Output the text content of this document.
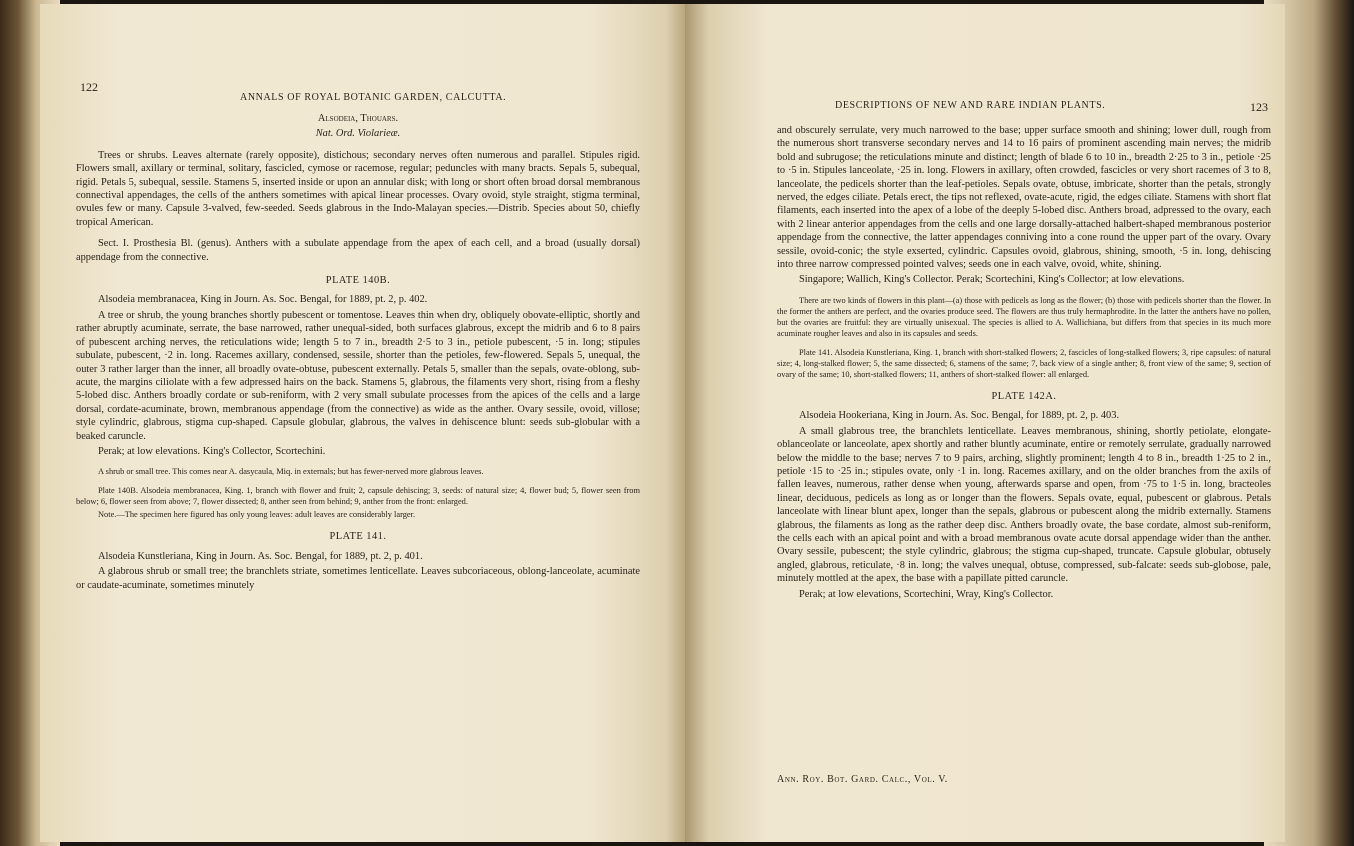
122
ANNALS OF ROYAL BOTANIC GARDEN, CALCUTTA.

Alsodeia, Thouars.

Nat. Ord. Violarieæ.

Trees or shrubs. Leaves alternate (rarely opposite), distichous; secondary nerves often numerous and parallel. Stipules rigid. Flowers small, axillary or terminal, solitary, fascicled, cymose or racemose, regular; peduncles with many bracts. Sepals 5, subequal, rigid. Petals 5, subequal, sessile. Stamens 5, inserted inside or upon an annular disk; with long or short often broad dorsal membranous connectival appendages, the cells of the anthers sometimes with apical linear processes. Ovary ovoid, style straight, stigma terminal, ovules few or many. Capsule 3-valved, few-seeded. Seeds glabrous in the Indo-Malayan species.—Distrib. Species about 50, chiefly tropical American.

Sect. I. Prosthesia Bl. (genus). Anthers with a subulate appendage from the apex of each cell, and a broad (usually dorsal) appendage from the connective.

PLATE 140B.

Alsodeia membranacea, King in Journ. As. Soc. Bengal, for 1889, pt. 2, p. 402.

A tree or shrub, the young branches shortly pubescent or tomentose. Leaves thin when dry, obliquely obovate-elliptic, shortly and rather abruptly acuminate, serrate, the base narrowed, rather unequal-sided, both surfaces glabrous, except the midrib and 6 to 8 pairs of pubescent arching nerves, the reticulations wide; length 5 to 7 in., breadth 2·5 to 3 in., petiole pubescent, ·5 in. long; stipules subulate, pubescent, ·2 in. long. Racemes axillary, condensed, sessile, shorter than the petioles, few-flowered. Sepals 5, unequal, the outer 3 rather larger than the inner, all broadly ovate-obtuse, pubescent externally. Petals 5, smaller than the sepals, ovate-oblong, sub-acute, the margins ciliolate with a few adpressed hairs on the back. Stamens 5, glabrous, the filaments very short, rising from a fleshy 5-lobed disc. Anthers broadly cordate or sub-reniform, with 2 very small subulate processes from the apices of the cells and a large dorsal, cordate-acuminate, brown, membranous appendage (from the connective) as wide as the anther. Ovary sessile, ovoid, villose; style cylindric, glabrous, stigma cup-shaped. Capsule globular, glabrous, the valves in dehiscence blunt: seeds sub-globular with a beaked caruncle.

Perak; at low elevations. King's Collector, Scortechini.

A shrub or small tree. This comes near A. dasycaula, Miq. in externals; but has fewer-nerved more glabrous leaves.

Plate 140B. Alsodeia membranacea, King. 1, branch with flower and fruit; 2, capsule dehiscing; 3, seeds: of natural size; 4, flower bud; 5, flower seen from below; 6, flower seen from above; 7, flower dissected; 8, anther seen from behind; 9, anther from the front: enlarged.

Note.—The specimen here figured has only young leaves: adult leaves are considerably larger.

PLATE 141.

Alsodeia Kunstleriana, King in Journ. As. Soc. Bengal, for 1889, pt. 2, p. 401.

A glabrous shrub or small tree; the branchlets striate, sometimes lenticellate. Leaves subcoriaceous, oblong-lanceolate, acuminate or caudate-acuminate, sometimes minutely

DESCRIPTIONS OF NEW AND RARE INDIAN PLANTS.	123

and obscurely serrulate, very much narrowed to the base; upper surface smooth and shining; lower dull, rough from the numerous short transverse secondary nerves and 14 to 16 pairs of prominent ascending main nerves; the midrib bold and subrugose; the reticulations minute and distinct; length of blade 6 to 10 in., breadth 2·25 to 3 in., petiole ·25 to ·5 in. Stipules lanceolate, ·25 in. long. Flowers in axillary, often crowded, fascicles or very short racemes of 3 to 8, lanceolate, the pedicels shorter than the leaf-petioles. Sepals ovate, obtuse, imbricate, shorter than the petals, strongly nerved, the edges ciliate. Petals erect, the tips not reflexed, ovate-acute, rigid, the edges ciliate. Stamens with short flat filaments, each inserted into the apex of a lobe of the deeply 5-lobed disc. Anthers broad, adpressed to the ovary, each with 2 linear anterior appendages from the cells and one large dorsally-attached halbert-shaped membranous posterior appendage from the connective, the latter appendages conniving into a cone round the upper part of the ovary. Ovary sessile, ovoid-conic; the style exserted, cylindric. Capsules ovoid, glabrous, shining, smooth, ·5 in. long, dehiscing into three narrow compressed pointed valves; seeds one in each valve, ovoid, white, shining.

Singapore; Wallich, King's Collector. Perak; Scortechini, King's Collector; at low elevations.

There are two kinds of flowers in this plant—(a) those with pedicels as long as the flower; (b) those with pedicels shorter than the flower. In the former the anthers are perfect, and the ovaries produce seed. The flowers are thus truly hermaphrodite. In the latter the anthers have no pollen, but the ovaries are fruitful: they are virtually unisexual. The species is allied to A. Wallichiana, but differs from that species in its much more acuminate rougher leaves and also in its capsules and seeds.

Plate 141. Alsodeia Kunstleriana, King. 1, branch with short-stalked flowers; 2, fascicles of long-stalked flowers; 3, ripe capsules: of natural size; 4, long-stalked flower; 5, the same dissected; 6, stamens of the same; 7, back view of a single anther; 8, front view of the same; 9, section of ovary of the same; 10, short-stalked flowers; 11, anthers of short-stalked flower: all enlarged.

PLATE 142A.

Alsodeia Hookeriana, King in Journ. As. Soc. Bengal, for 1889, pt. 2, p. 403.

A small glabrous tree, the branchlets lenticellate. Leaves membranous, shining, shortly petiolate, elongate-oblanceolate or lanceolate, apex shortly and rather bluntly acuminate, entire or remotely serrulate, gradually narrowed below the middle to the base; nerves 7 to 9 pairs, arching, slightly prominent; length 4 to 8 in., breadth 1·25 to 2 in., petiole ·15 to ·25 in.; stipules ovate, only ·1 in. long. Racemes axillary, and on the older branches from the axils of fallen leaves, numerous, rather dense when young, afterwards sparse and open, from ·75 to 1·5 in. long, bracteoles linear, deciduous, pedicels as long as or longer than the flowers. Sepals ovate, equal, pubescent or glabrous. Petals lanceolate with linear blunt apex, longer than the sepals, glabrous or pubescent along the midrib externally. Stamens glabrous, the filaments as long as the rather deep disc. Anthers broadly ovate, the base cordate, almost sub-reniform, the cells each with an apical point and with a broad membranous ovate acute dorsal appendage wider than the anther. Ovary sessile, pubescent; the style cylindric, glabrous; the stigma cup-shaped, truncate. Capsule globular, obtusely angled, glabrous, reticulate, ·8 in. long; the valves unequal, obtuse, compressed, sub-falcate: seeds sub-globose, pale, minutely mottled at the apex, the base with a papillate pitted caruncle.

Perak; at low elevations, Scortechini, Wray, King's Collector.

Ann. Roy. Bot. Gard. Calc., Vol. V.
